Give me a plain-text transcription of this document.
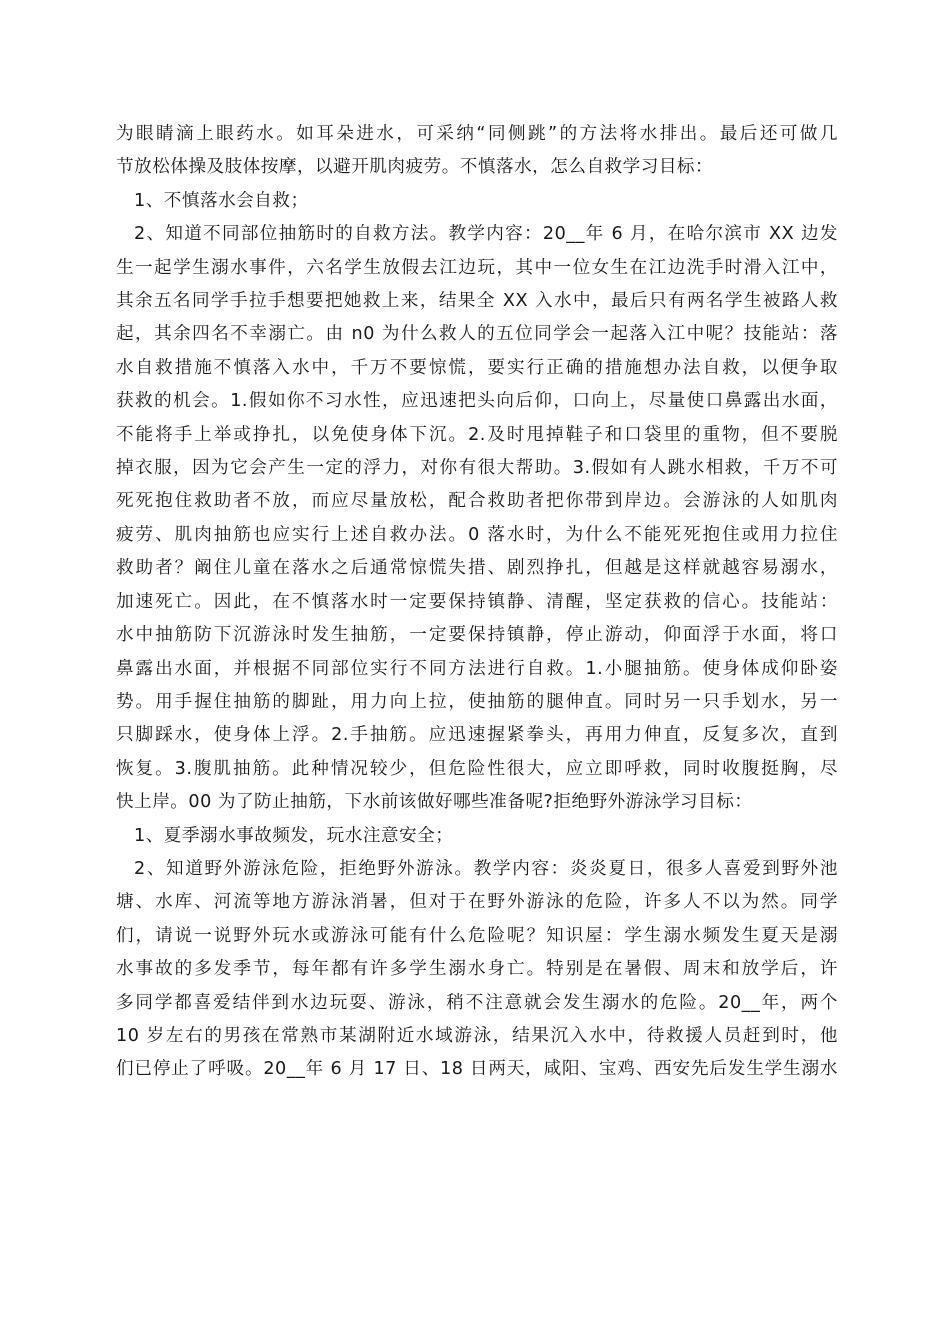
为眼睛滴上眼药水。如耳朵进水，可采纳“同侧跳”的方法将水排出。最后还可做几

节放松体操及肢体按摩，以避开肌肉疲劳。不慎落水，怎么自救学习目标：

1、不慎落水会自救；

2、知道不同部位抽筋时的自救方法。教学内容：20__年 6 月，在哈尔滨市 XX 边发

生一起学生溺水事件，六名学生放假去江边玩，其中一位女生在江边洗手时滑入江中，

其余五名同学手拉手想要把她救上来，结果全 XX 入水中，最后只有两名学生被路人救

起，其余四名不幸溺亡。由 n0 为什么救人的五位同学会一起落入江中呢？技能站：落

水自救措施不慎落入水中，千万不要惊慌，要实行正确的措施想办法自救，以便争取

获救的机会。1.假如你不习水性，应迅速把头向后仰，口向上，尽量使口鼻露出水面，

不能将手上举或挣扎，以免使身体下沉。2.及时甩掉鞋子和口袋里的重物，但不要脱

掉衣服，因为它会产生一定的浮力，对你有很大帮助。3.假如有人跳水相救，千万不可

死死抱住救助者不放，而应尽量放松，配合救助者把你带到岸边。会游泳的人如肌肉

疲劳、肌肉抽筋也应实行上述自救办法。0 落水时，为什么不能死死抱住或用力拉住

救助者？阚住儿童在落水之后通常惊慌失措、剧烈挣扎，但越是这样就越容易溺水，

加速死亡。因此，在不慎落水时一定要保持镇静、清醒，坚定获救的信心。技能站：

水中抽筋防下沉游泳时发生抽筋，一定要保持镇静，停止游动，仰面浮于水面，将口

鼻露出水面，并根据不同部位实行不同方法进行自救。1.小腿抽筋。使身体成仰卧姿

势。用手握住抽筋的脚趾，用力向上拉，使抽筋的腿伸直。同时另一只手划水，另一

只脚踩水，使身体上浮。2.手抽筋。应迅速握紧拳头，再用力伸直，反复多次，直到

恢复。3.腹肌抽筋。此种情况较少，但危险性很大，应立即呼救，同时收腹挺胸，尽

快上岸。00 为了防止抽筋，下水前该做好哪些准备呢?拒绝野外游泳学习目标：

1、夏季溺水事故频发，玩水注意安全；

2、知道野外游泳危险，拒绝野外游泳。教学内容：炎炎夏日，很多人喜爱到野外池

塘、水库、河流等地方游泳消暑，但对于在野外游泳的危险，许多人不以为然。同学

们，请说一说野外玩水或游泳可能有什么危险呢？知识屋：学生溺水频发生夏天是溺

水事故的多发季节，每年都有许多学生溺水身亡。特别是在暑假、周末和放学后，许

多同学都喜爱结伴到水边玩耍、游泳，稍不注意就会发生溺水的危险。20__年，两个

10 岁左右的男孩在常熟市某湖附近水域游泳，结果沉入水中，待救援人员赶到时，他

们已停止了呼吸。20__年 6 月 17 日、18 日两天，咸阳、宝鸡、西安先后发生学生溺水
